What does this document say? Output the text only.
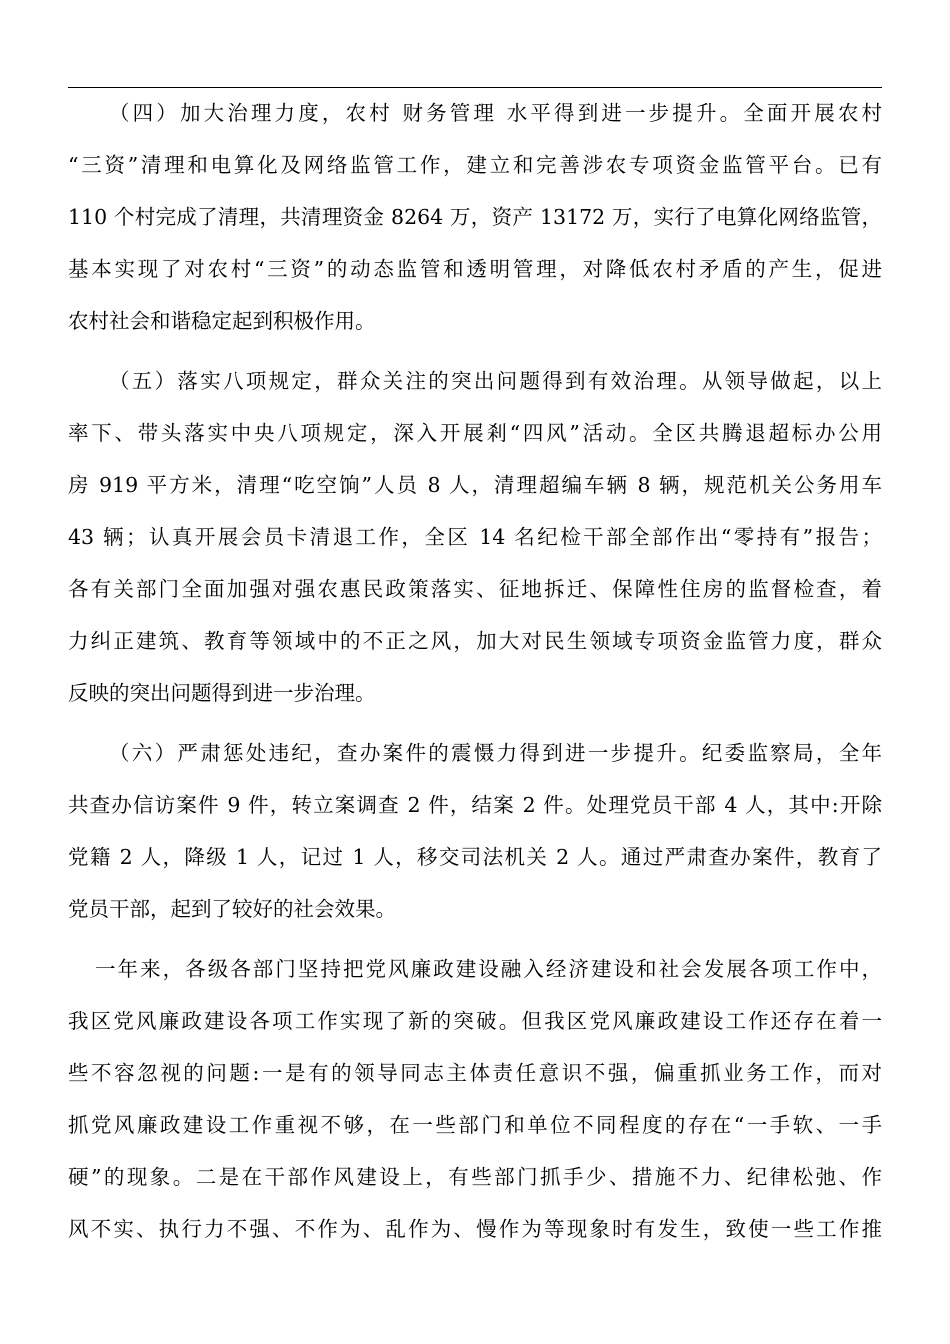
（四）加大治理力度，农村 财务管理 水平得到进一步提升。全面开展农村
“三资”清理和电算化及网络监管工作，建立和完善涉农专项资金监管平台。已有
110 个村完成了清理，共清理资金 8264 万，资产 13172 万，实行了电算化网络监管，
基本实现了对农村“三资”的动态监管和透明管理，对降低农村矛盾的产生，促进
农村社会和谐稳定起到积极作用。
（五）落实八项规定，群众关注的突出问题得到有效治理。从领导做起，以上
率下、带头落实中央八项规定，深入开展剎“四风”活动。全区共腾退超标办公用
房 919 平方米，清理“吃空饷”人员 8 人，清理超编车辆 8 辆，规范机关公务用车
43 辆；认真开展会员卡清退工作，全区 14 名纪检干部全部作出“零持有”报告；
各有关部门全面加强对强农惠民政策落实、征地拆迁、保障性住房的监督检查，着
力纠正建筑、教育等领域中的不正之风，加大对民生领域专项资金监管力度，群众
反映的突出问题得到进一步治理。
（六）严肃惩处违纪，查办案件的震慑力得到进一步提升。纪委监察局，全年
共查办信访案件 9 件，转立案调查 2 件，结案 2 件。处理党员干部 4 人，其中:开除
党籍 2 人，降级 1 人，记过 1 人，移交司法机关 2 人。通过严肃查办案件，教育了
党员干部，起到了较好的社会效果。
一年来，各级各部门坚持把党风廉政建设融入经济建设和社会发展各项工作中，
我区党风廉政建设各项工作实现了新的突破。但我区党风廉政建设工作还存在着一
些不容忽视的问题:一是有的领导同志主体责任意识不强，偏重抓业务工作，而对
抓党风廉政建设工作重视不够，在一些部门和单位不同程度的存在“一手软、一手
硬”的现象。二是在干部作风建设上，有些部门抓手少、措施不力、纪律松弛、作
风不实、执行力不强、不作为、乱作为、慢作为等现象时有发生，致使一些工作推
